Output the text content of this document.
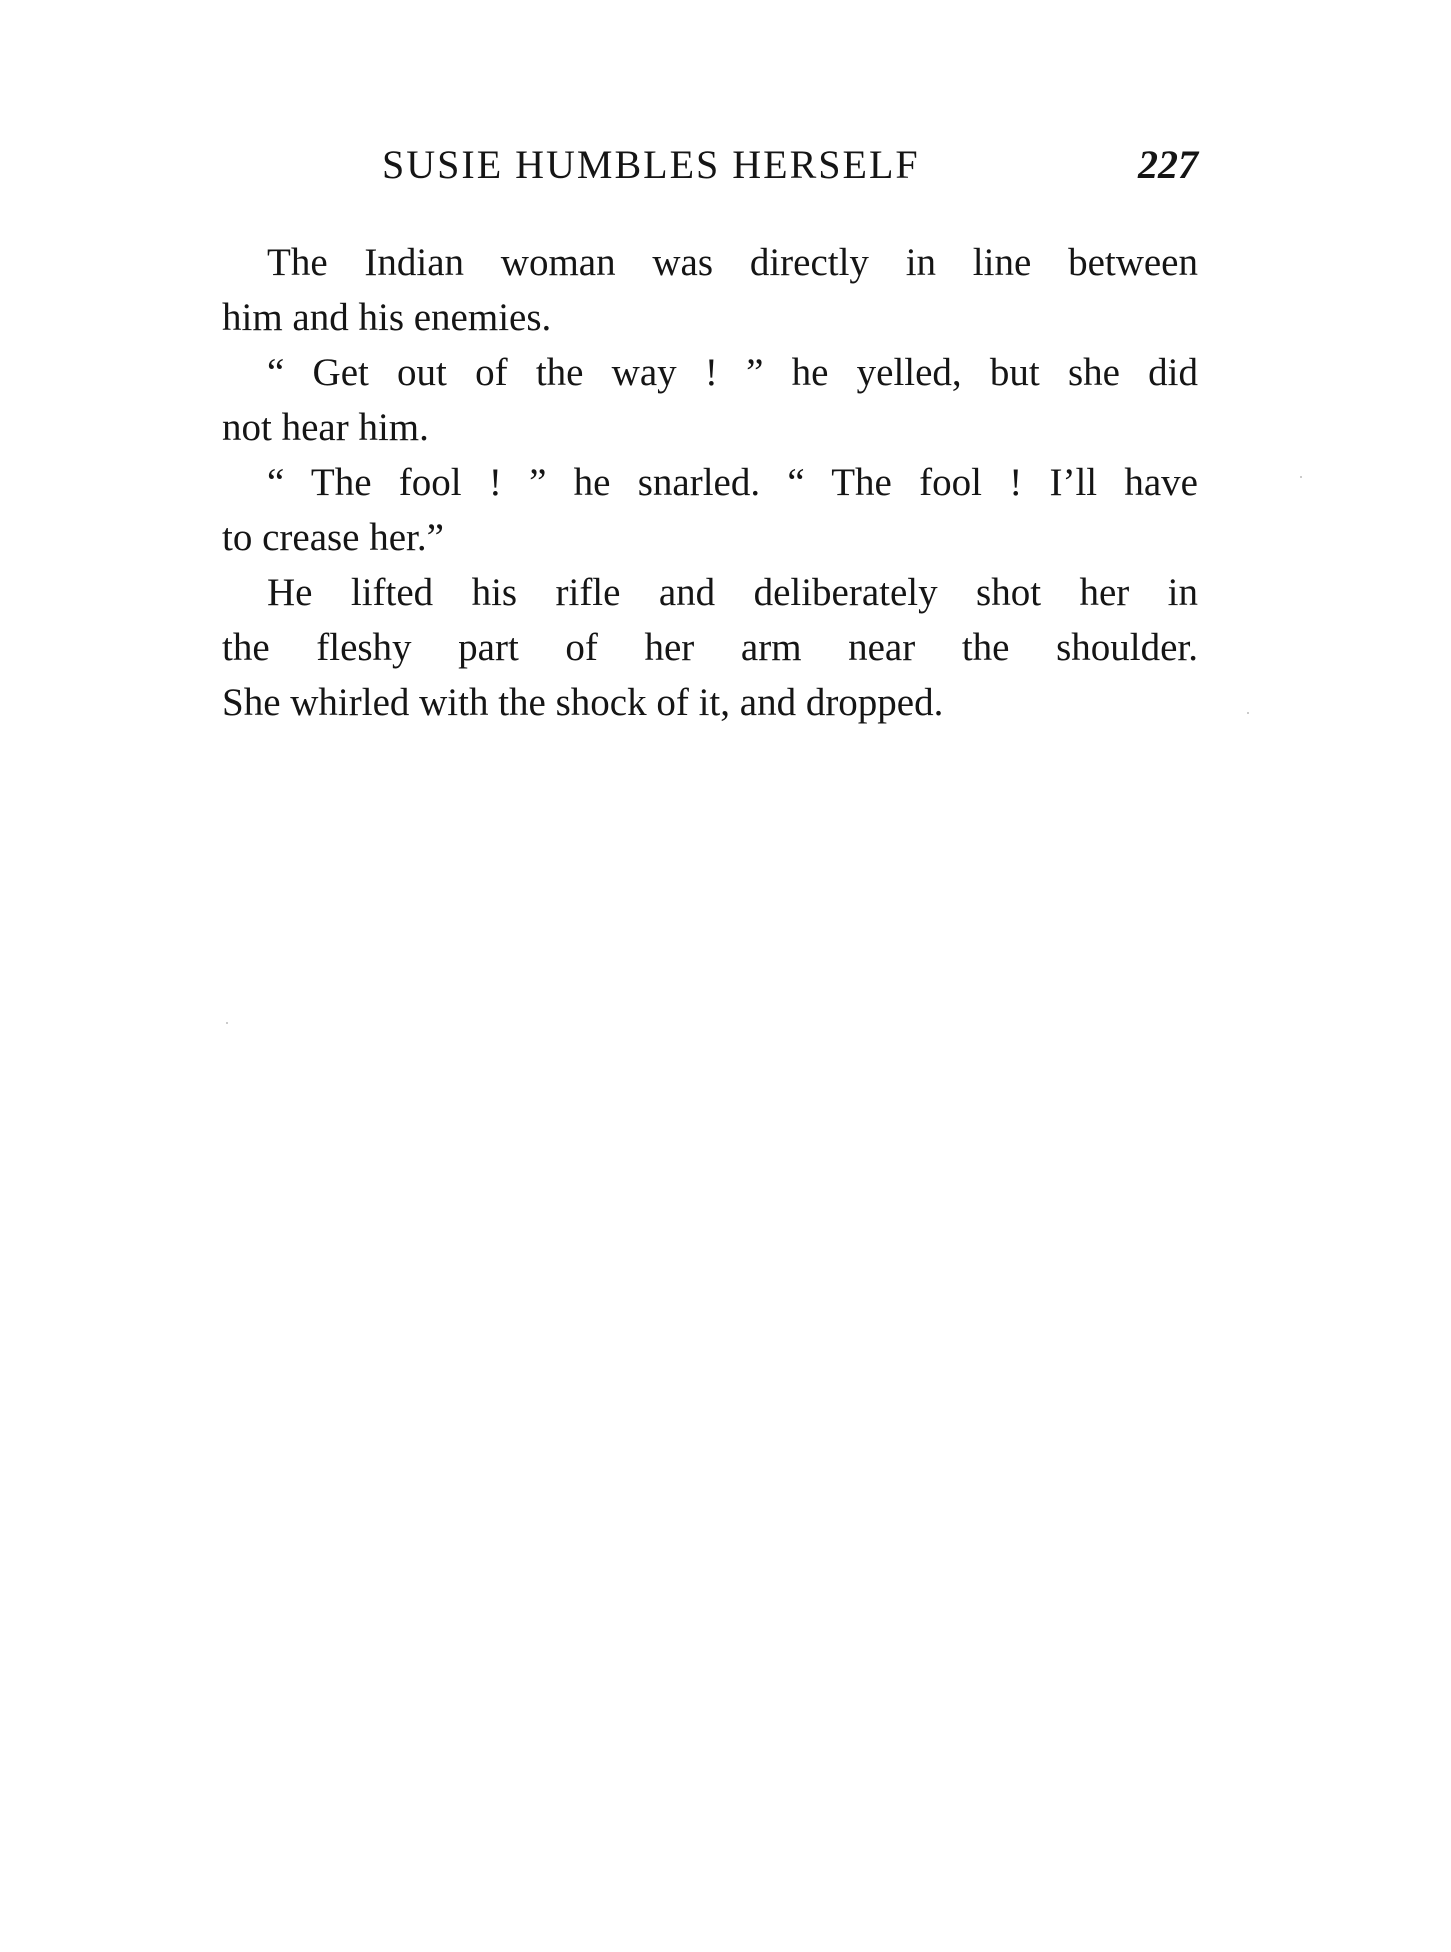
SUSIE HUMBLES HERSELF	227
The Indian woman was directly in line between
him and his enemies.
“ Get out of the way ! ” he yelled, but she did
not hear him.
“ The fool ! ” he snarled. “ The fool ! I’ll have
to crease her.”
He lifted his rifle and deliberately shot her in
the fleshy part of her arm near the shoulder.
She whirled with the shock of it, and dropped.
